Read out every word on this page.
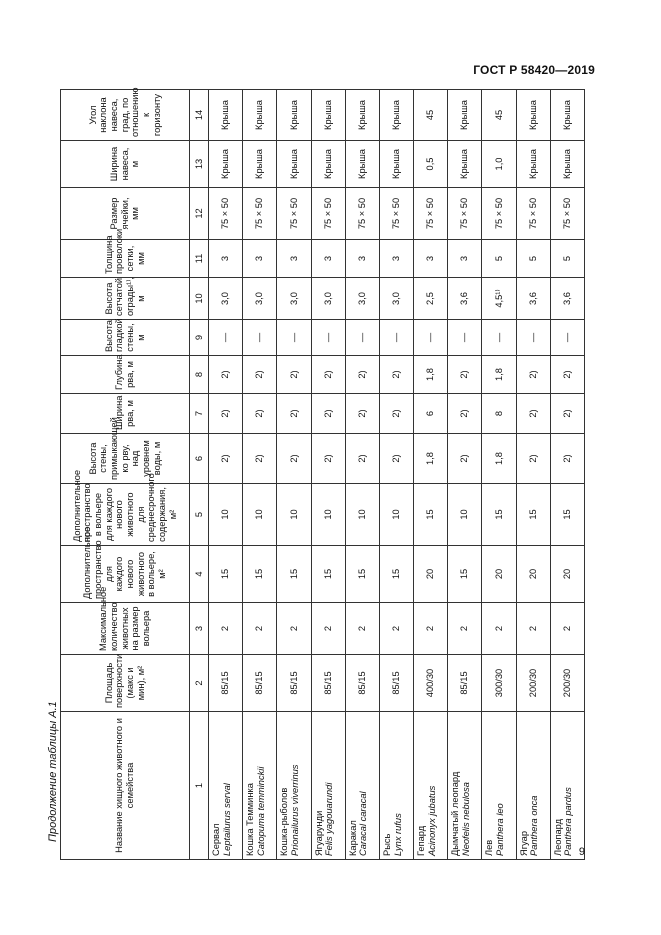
ГОСТ Р 58420—2019
Продолжение таблицы А.1	Название хищного животного и семейства	Площадь поверхности (макс и мин), м²	Максимальное количество животных на размер вольера	Дополнительное пространство для каждого нового животного в вольере, м²	Дополнительное пространство в вольере для каждого нового животного для среднесрочного содержания, м²	Высота стены, примыкающей ко рву, над уровнем воды, м	Ширина рва, м	Глубина рва, м	Высота гладкой стены, м	Высота сетчатой ограды¹⁾, м	Толщина проволоки сетки, мм	Размер ячейки, мм	Ширина навеса, м	Угол наклона навеса, град, по отношению к горизонту
1	2	3	4	5	6	7	8	9	10	11	12	13	14
Сервал Leptailurus serval	85/15	2	15	10	2)	2)	2)	—	3,0	3	75 × 50	Крыша	Крыша
Кошка Темминка Catopuma temminckii	85/15	2	15	10	2)	2)	2)	—	3,0	3	75 × 50	Крыша	Крыша
Кошка-рыболов Prionailurus viverrinus	85/15	2	15	10	2)	2)	2)	—	3,0	3	75 × 50	Крыша	Крыша
Ягуарунди Felis yagouarundi	85/15	2	15	10	2)	2)	2)	—	3,0	3	75 × 50	Крыша	Крыша
Каракал Caracal caracal	85/15	2	15	10	2)	2)	2)	—	3,0	3	75 × 50	Крыша	Крыша
Рысь Lynx rufus	85/15	2	15	10	2)	2)	2)	—	3,0	3	75 × 50	Крыша	Крыша
Гепард Acinonyx jubatus	400/30	2	20	15	1,8	6	1,8	—	2,5	3	75 × 50	0,5	45
Дымчатый леопард Neofelis nebulosa	85/15	2	15	10	2)	2)	2)	—	3,6	3	75 × 50	Крыша	Крыша
Лев Panthera leo	300/30	2	20	15	1,8	8	1,8	—	4,5¹⁾	5	75 × 50	1,0	45
Ягуар Panthera onca	200/30	2	20	15	2)	2)	2)	—	3,6	5	75 × 50	Крыша	Крыша
Леопард Panthera pardus	200/30	2	20	15	2)	2)	2)	—	3,6	5	75 × 50	Крыша	Крыша
9
